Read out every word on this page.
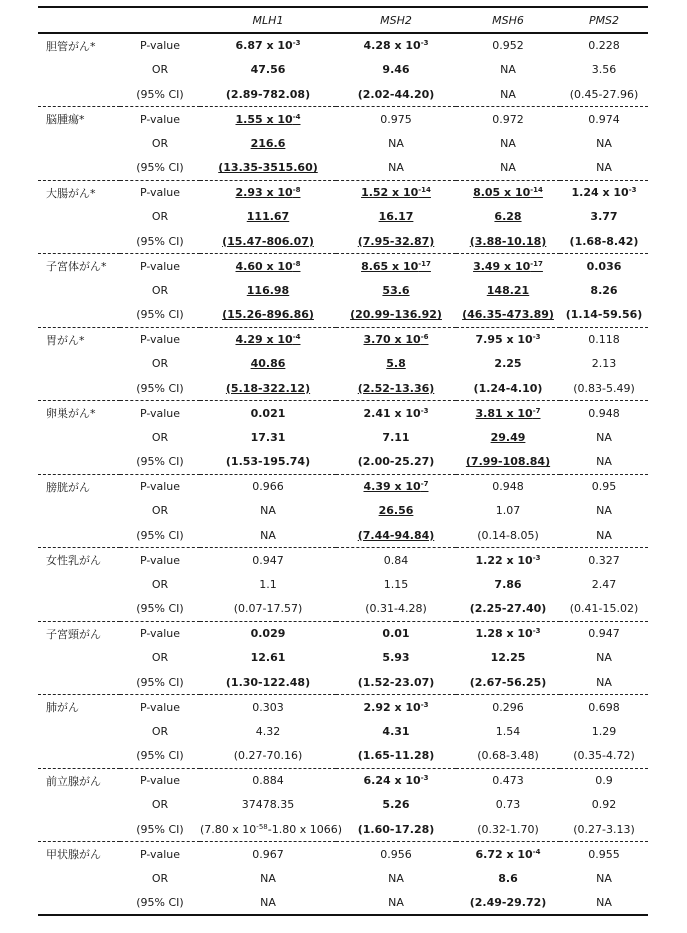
		MLH1	MSH2	MSH6	PMS2
胆管がん*	P-value	6.87 x $10^{-3}$	4.28 x $10^{-3}$	0.952	0.228
	OR	47.56	9.46	NA	3.56
	(95% CI)	(2.89-782.08)	(2.02-44.20)	NA	(0.45-27.96)
脳腫瘍*	P-value	1.55 x $10^{-4}$	0.975	0.972	0.974
	OR	216.6	NA	NA	NA
	(95% CI)	(13.35-3515.60)	NA	NA	NA
大腸がん*	P-value	2.93 x $10^{-8}$	1.52 x $10^{-14}$	8.05 x $10^{-14}$	1.24 x $10^{-3}$
	OR	111.67	16.17	6.28	3.77
	(95% CI)	(15.47-806.07)	(7.95-32.87)	(3.88-10.18)	(1.68-8.42)
子宮体がん*	P-value	4.60 x $10^{-8}$	8.65 x $10^{-17}$	3.49 x $10^{-17}$	0.036
	OR	116.98	53.6	148.21	8.26
	(95% CI)	(15.26-896.86)	(20.99-136.92)	(46.35-473.89)	(1.14-59.56)
胃がん*	P-value	4.29 x $10^{-4}$	3.70 x $10^{-6}$	7.95 x $10^{-3}$	0.118
	OR	40.86	5.8	2.25	2.13
	(95% CI)	(5.18-322.12)	(2.52-13.36)	(1.24-4.10)	(0.83-5.49)
卵巣がん*	P-value	0.021	2.41 x $10^{-3}$	3.81 x $10^{-7}$	0.948
	OR	17.31	7.11	29.49	NA
	(95% CI)	(1.53-195.74)	(2.00-25.27)	(7.99-108.84)	NA
膀胱がん	P-value	0.966	4.39 x $10^{-7}$	0.948	0.95
	OR	NA	26.56	1.07	NA
	(95% CI)	NA	(7.44-94.84)	(0.14-8.05)	NA
女性乳がん	P-value	0.947	0.84	1.22 x $10^{-3}$	0.327
	OR	1.1	1.15	7.86	2.47
	(95% CI)	(0.07-17.57)	(0.31-4.28)	(2.25-27.40)	(0.41-15.02)
子宮頸がん	P-value	0.029	0.01	1.28 x $10^{-3}$	0.947
	OR	12.61	5.93	12.25	NA
	(95% CI)	(1.30-122.48)	(1.52-23.07)	(2.67-56.25)	NA
肺がん	P-value	0.303	2.92 x $10^{-3}$	0.296	0.698
	OR	4.32	4.31	1.54	1.29
	(95% CI)	(0.27-70.16)	(1.65-11.28)	(0.68-3.48)	(0.35-4.72)
前立腺がん	P-value	0.884	6.24 x $10^{-3}$	0.473	0.9
	OR	37478.35	5.26	0.73	0.92
	(95% CI)	(7.80 x $10^{-58}-1.80$ x 1066)	(1.60-17.28)	(0.32-1.70)	(0.27-3.13)
甲状腺がん	P-value	0.967	0.956	6.72 x $10^{-4}$	0.955
	OR	NA	NA	8.6	NA
	(95% CI)	NA	NA	(2.49-29.72)	NA
